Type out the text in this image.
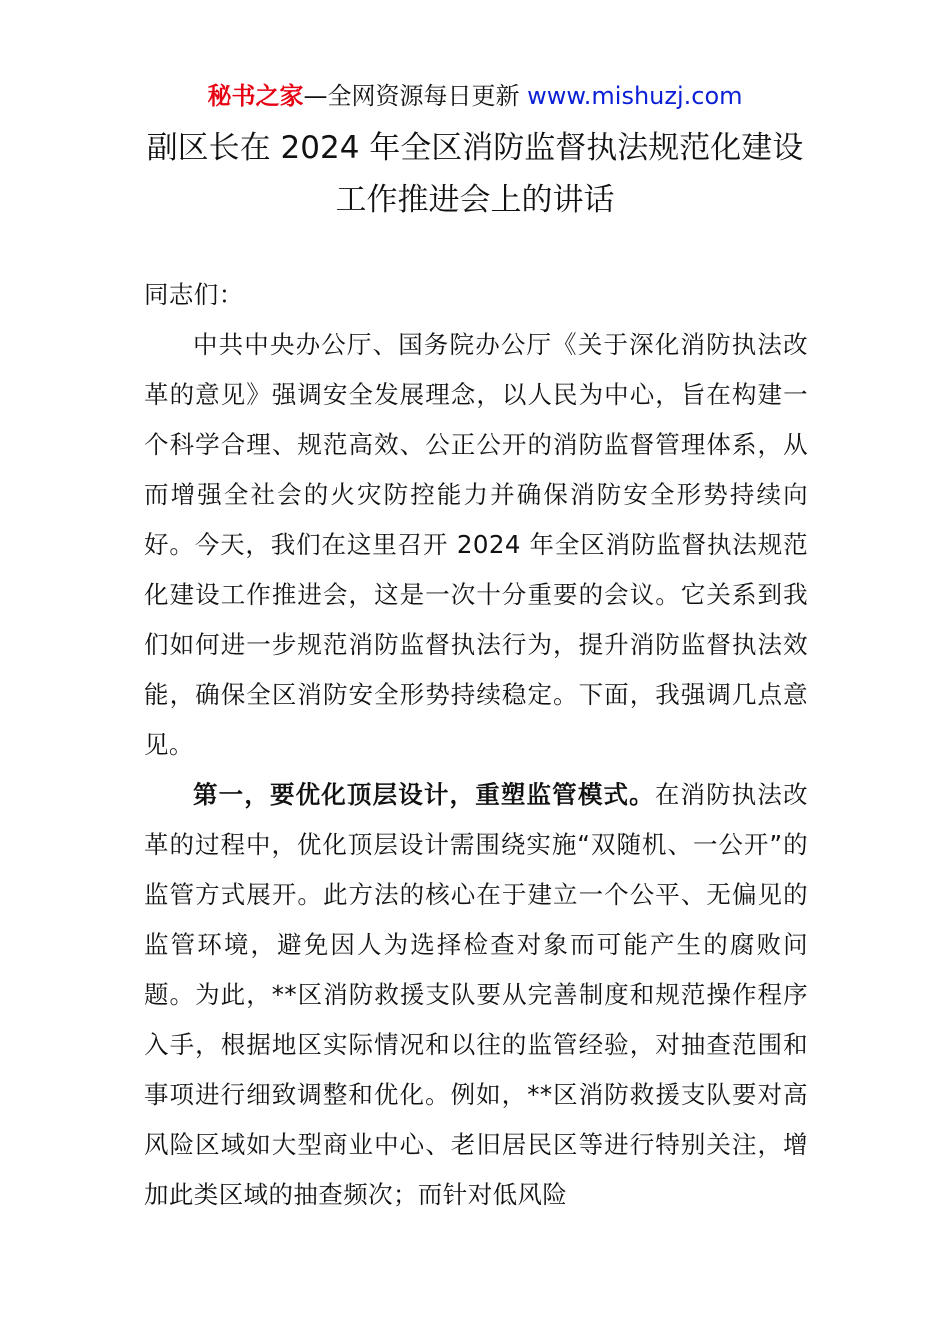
秘书之家—全网资源每日更新 www.mishuzj.com
副区长在 2024 年全区消防监督执法规范化建设
工作推进会上的讲话

同志们：

中共中央办公厅、国务院办公厅《关于深化消防执法改革的意见》强调安全发展理念，以人民为中心，旨在构建一个科学合理、规范高效、公正公开的消防监督管理体系，从而增强全社会的火灾防控能力并确保消防安全形势持续向好。今天，我们在这里召开 2024 年全区消防监督执法规范化建设工作推进会，这是一次十分重要的会议。它关系到我们如何进一步规范消防监督执法行为，提升消防监督执法效能，确保全区消防安全形势持续稳定。下面，我强调几点意见。

第一，要优化顶层设计，重塑监管模式。在消防执法改革的过程中，优化顶层设计需围绕实施“双随机、一公开”的监管方式展开。此方法的核心在于建立一个公平、无偏见的监管环境，避免因人为选择检查对象而可能产生的腐败问题。为此，**区消防救援支队要从完善制度和规范操作程序入手，根据地区实际情况和以往的监管经验，对抽查范围和事项进行细致调整和优化。例如，**区消防救援支队要对高风险区域如大型商业中心、老旧居民区等进行特别关注，增加此类区域的抽查频次；而针对低风险
